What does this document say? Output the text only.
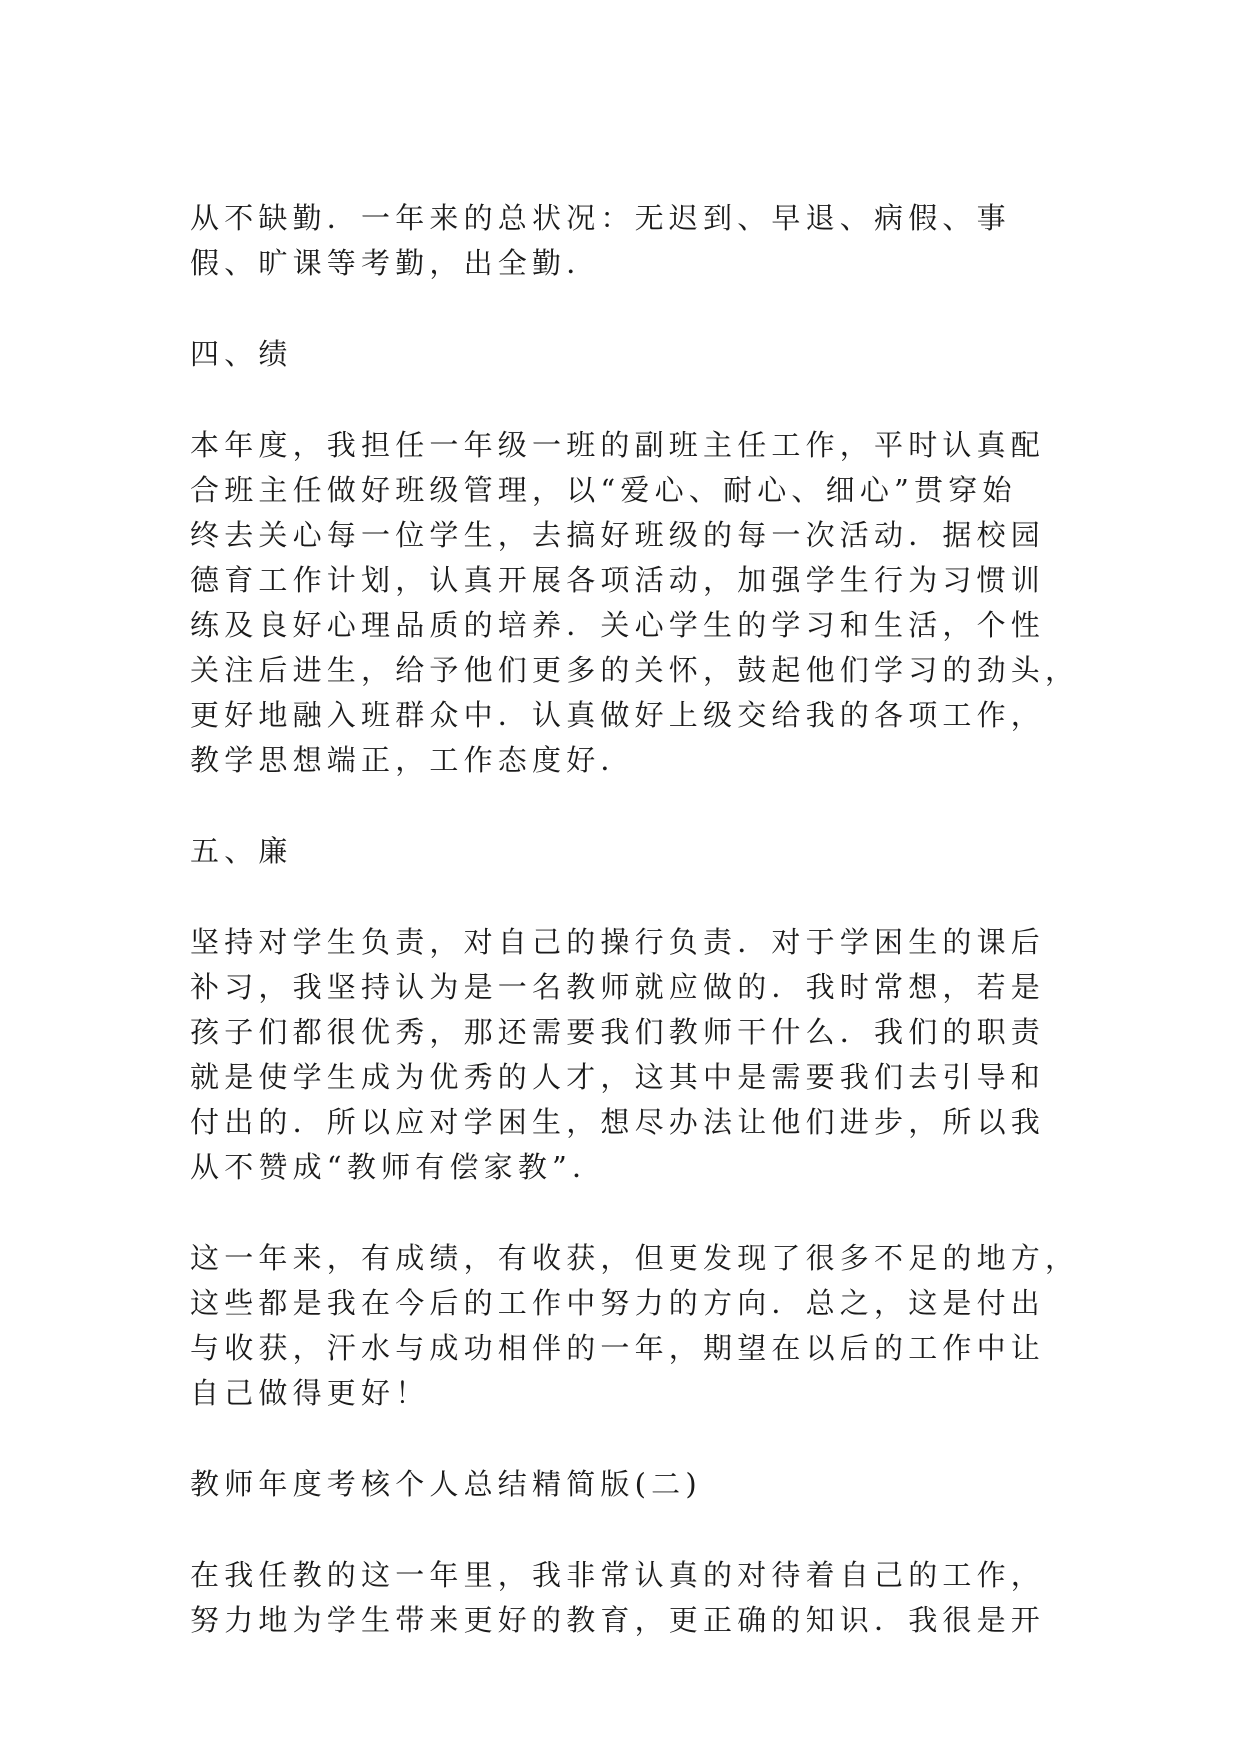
从不缺勤．一年来的总状况：无迟到、早退、病假、事
假、旷课等考勤，出全勤．
四、绩
本年度，我担任一年级一班的副班主任工作，平时认真配
合班主任做好班级管理，以“爱心、耐心、细心”贯穿始
终去关心每一位学生，去搞好班级的每一次活动．据校园
德育工作计划，认真开展各项活动，加强学生行为习惯训
练及良好心理品质的培养．关心学生的学习和生活，个性
关注后进生，给予他们更多的关怀，鼓起他们学习的劲头，
更好地融入班群众中．认真做好上级交给我的各项工作，
教学思想端正，工作态度好．
五、廉
坚持对学生负责，对自己的操行负责．对于学困生的课后
补习，我坚持认为是一名教师就应做的．我时常想，若是
孩子们都很优秀，那还需要我们教师干什么．我们的职责
就是使学生成为优秀的人才，这其中是需要我们去引导和
付出的．所以应对学困生，想尽办法让他们进步，所以我
从不赞成“教师有偿家教”．
这一年来，有成绩，有收获，但更发现了很多不足的地方，
这些都是我在今后的工作中努力的方向．总之，这是付出
与收获，汗水与成功相伴的一年，期望在以后的工作中让
自己做得更好！
教师年度考核个人总结精简版(二)
在我任教的这一年里，我非常认真的对待着自己的工作，
努力地为学生带来更好的教育，更正确的知识．我很是开
